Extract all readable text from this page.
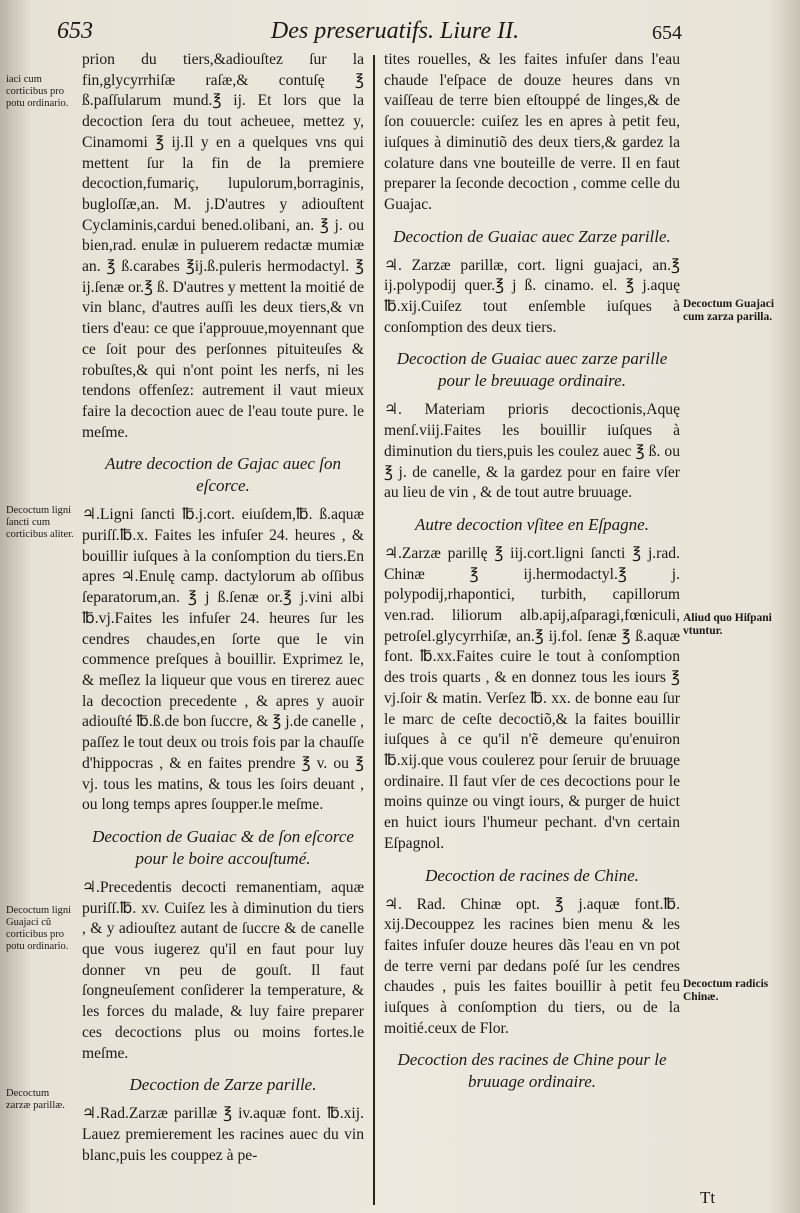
653	Des preseruatifs. Liure II.	654

prion du tiers,&adiouſtez ſur la fin,glycyrrhiſæ raſæ,& contuſę ℥ ß.paſſularum mund.℥ ij. Et lors que la decoction ſera du tout acheuee, mettez y, Cinamomi ℥ ij.Il y en a quelques vns qui mettent ſur la fin de la premiere decoction,fumariç, lupulorum,borraginis, bugloſſæ,an. M. j.D'autres y adiouſtent Cyclaminis,cardui bened.olibani, an. ℥ j. ou bien,rad. enulæ in puluerem redactæ mumiæ an. ℥ ß.carabes ℥ij.ß.puleris hermodactyl. ℥ ij.ſenæ or.℥ ß. D'autres y mettent la moitié de vin blanc, d'autres auſſi les deux tiers,& vn tiers d'eau: ce que i'approuue,moyennant que ce ſoit pour des perſonnes pituiteuſes & robuſtes,& qui n'ont point les nerfs, ni les tendons offenſez: autrement il vaut mieux faire la decoction auec de l'eau toute pure. le meſme.

Autre decoction de Gajac auec ſon eſcorce.

♃.Ligni ſancti ℔.j.cort. eiuſdem,℔. ß.aquæ puriſſ.℔.x. Faites les infuſer 24. heures , & bouillir iuſques à la conſomption du tiers.En apres ♃.Enulę camp. dactylorum ab oſſibus ſeparatorum,an. ℥ j ß.ſenæ or.℥ j.vini albi ℔.vj.Faites les infuſer 24. heures ſur les cendres chaudes,en ſorte que le vin commence preſques à bouillir. Exprimez le, & meſlez la liqueur que vous en tirerez auec la decoction precedente , & apres y auoir adiouſté ℔.ß.de bon ſuccre, & ℥ j.de canelle , paſſez le tout deux ou trois fois par la chauſſe d'hippocras , & en faites prendre ℥ v. ou ℥ vj. tous les matins, & tous les ſoirs deuant , ou long temps apres ſoupper.le meſme.

Decoction de Guaiac & de ſon eſcorce pour le boire accouſtumé.

♃.Precedentis decocti remanentiam, aquæ puriſſ.℔. xv. Cuiſez les à diminution du tiers , & y adiouſtez autant de ſuccre & de canelle que vous iugerez qu'il en faut pour luy donner vn peu de gouſt. Il faut ſongneuſement conſiderer la temperature, & les forces du malade, & luy faire preparer ces decoctions plus ou moins fortes.le meſme.

Decoction de Zarze parille.

♃.Rad.Zarzæ parillæ ℥ iv.aquæ font. ℔.xij. Lauez premierement les racines auec du vin blanc,puis les couppez à pe-

tites rouelles, & les faites infuſer dans l'eau chaude l'eſpace de douze heures dans vn vaiſſeau de terre bien eſtouppé de linges,& de ſon couuercle: cuiſez les en apres à petit feu, iuſques à diminutiõ des deux tiers,& gardez la colature dans vne bouteille de verre. Il en faut preparer la ſeconde decoction , comme celle du Guajac.

Decoction de Guaiac auec Zarze parille.

♃. Zarzæ parillæ, cort. ligni guajaci, an.℥ ij.polypodij quer.℥ j ß. cinamo. el. ℥ j.aquę ℔.xij.Cuiſez tout enſemble iuſques à conſomption des deux tiers.

Decoction de Guaiac auec zarze parille pour le breuuage ordinaire.

♃. Materiam prioris decoctionis,Aquę menſ.viij.Faites les bouillir iuſques à diminution du tiers,puis les coulez auec ℥ ß. ou ℥ j. de canelle, & la gardez pour en faire vſer au lieu de vin , & de tout autre bruuage.

Autre decoction vſitee en Eſpagne.

♃.Zarzæ parillę ℥ iij.cort.ligni ſancti ℥ j.rad. Chinæ ℥ ij.hermodactyl.℥ j. polypodij,rhapontici, turbith, capillorum ven.rad. liliorum alb.apij,aſparagi,fœniculi, petroſel.glycyrrhiſæ, an.℥ ij.fol. ſenæ ℥ ß.aquæ font. ℔.xx.Faites cuire le tout à conſomption des trois quarts , & en donnez tous les iours ℥ vj.ſoir & matin. Verſez ℔. xx. de bonne eau ſur le marc de ceſte decoctiõ,& la faites bouillir iuſques à ce qu'il n'ẽ demeure qu'enuiron ℔.xij.que vous coulerez pour ſeruir de bruuage ordinaire. Il faut vſer de ces decoctions pour le moins quinze ou vingt iours, & purger de huict en huict iours l'humeur pechant. d'vn certain Eſpagnol.

Decoction de racines de Chine.

♃. Rad. Chinæ opt. ℥ j.aquæ font.℔. xij.Decouppez les racines bien menu & les faites infuſer douze heures dãs l'eau en vn pot de terre verni par dedans poſé ſur les cendres chaudes , puis les faites bouillir à petit feu iuſques à conſomption du tiers, ou de la moitié.ceux de Flor.

Decoction des racines de Chine pour le bruuage ordinaire.
iaci cum corticibus pro potu ordinario.
Decoctum ligni ſancti cum corticibus aliter.
Decoctum ligni Guajaci cũ corticibus pro potu ordinario.
Decoctum zarzæ parillæ.
Decoctum Guajaci cum zarza parilla.
Aliud quo Hiſpani vtuntur.
Decoctum radicis Chinæ.
Tt
